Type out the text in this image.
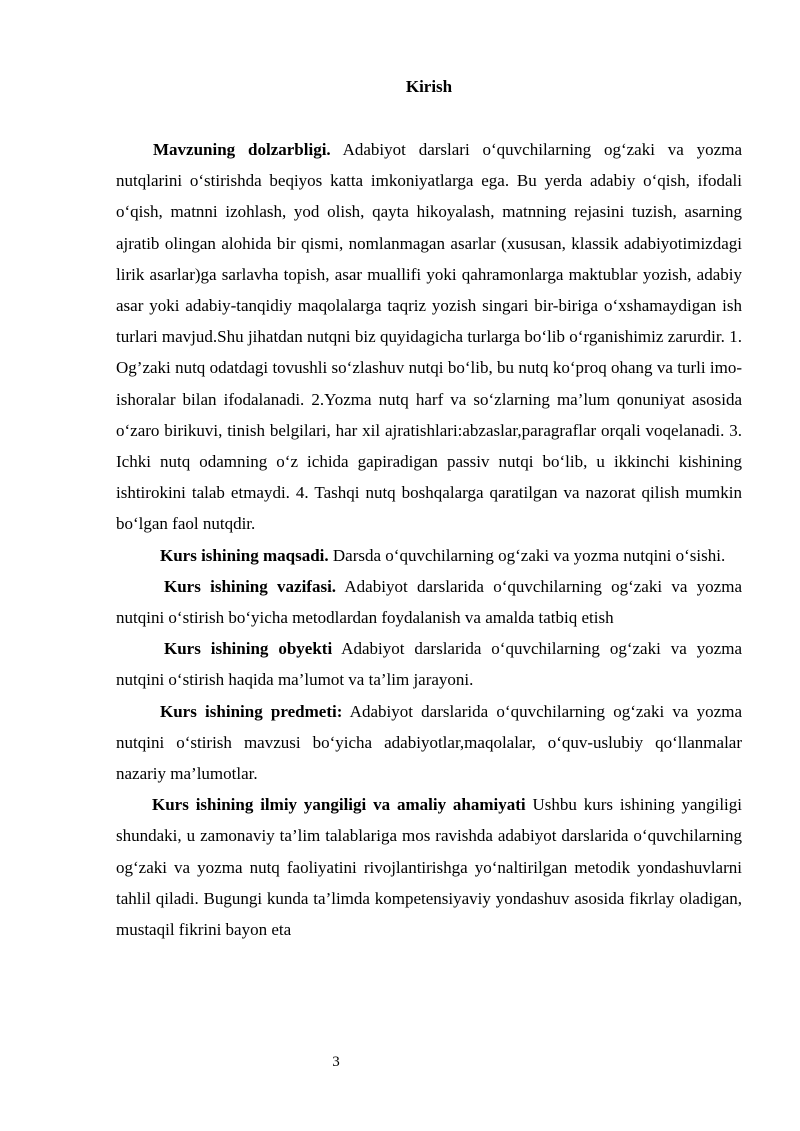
Kirish

Mavzuning dolzarbligi. Adabiyot darslari o‘quvchilarning og‘zaki va yozma nutqlarini o‘stirishda beqiyos katta imkoniyatlarga ega. Bu yerda adabiy o‘qish, ifodali o‘qish, matnni izohlash, yod olish, qayta hikoyalash, matnning rejasini tuzish, asarning ajratib olingan alohida bir qismi, nomlanmagan asarlar (xususan, klassik adabiyotimizdagi lirik asarlar)ga sarlavha topish, asar muallifi yoki qahramonlarga maktublar yozish, adabiy asar yoki adabiy-tanqidiy maqolalarga taqriz yozish singari bir-biriga o‘xshamaydigan ish turlari mavjud.Shu jihatdan nutqni biz quyidagicha turlarga bo‘lib o‘rganishimiz zarurdir. 1. Og’zaki nutq odatdagi tovushli so‘zlashuv nutqi bo‘lib, bu nutq ko‘proq ohang va turli imo-ishoralar bilan ifodalanadi. 2.Yozma nutq harf va so‘zlarning ma’lum qonuniyat asosida o‘zaro birikuvi, tinish belgilari, har xil ajratishlari:abzaslar,paragraflar orqali voqelanadi. 3. Ichki nutq odamning o‘z ichida gapiradigan passiv nutqi bo‘lib, u ikkinchi kishining ishtirokini talab etmaydi. 4. Tashqi nutq boshqalarga qaratilgan va nazorat qilish mumkin bo‘lgan faol nutqdir.

Kurs ishining maqsadi. Darsda o‘quvchilarning og‘zaki va yozma nutqini o‘sishi.

Kurs ishining vazifasi. Adabiyot darslarida o‘quvchilarning og‘zaki va yozma nutqini o‘stirish bo‘yicha metodlardan foydalanish va amalda tatbiq etish

Kurs ishining obyekti Adabiyot darslarida o‘quvchilarning og‘zaki va yozma nutqini o‘stirish haqida ma’lumot va ta’lim jarayoni.

Kurs ishining predmeti: Adabiyot darslarida o‘quvchilarning og‘zaki va yozma nutqini o‘stirish mavzusi bo‘yicha adabiyotlar,maqolalar, o‘quv-uslubiy qo‘llanmalar nazariy ma’lumotlar.

Kurs ishining ilmiy yangiligi va amaliy ahamiyati Ushbu kurs ishining yangiligi shundaki, u zamonaviy ta’lim talablariga mos ravishda adabiyot darslarida o‘quvchilarning og‘zaki va yozma nutq faoliyatini rivojlantirishga yo‘naltirilgan metodik yondashuvlarni tahlil qiladi. Bugungi kunda ta’limda kompetensiyaviy yondashuv asosida fikrlay oladigan, mustaqil fikrini bayon eta

3
